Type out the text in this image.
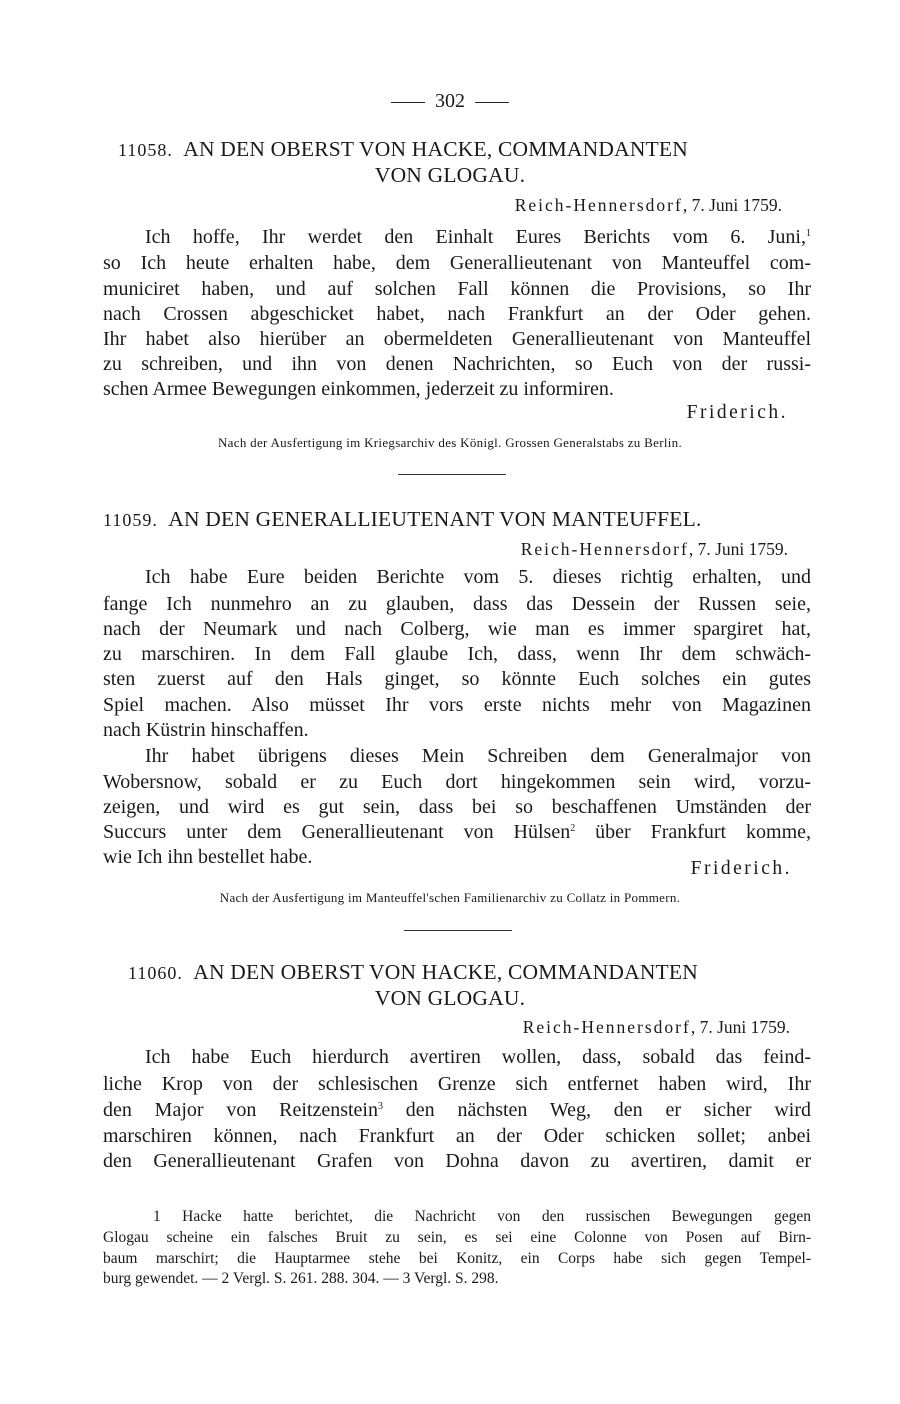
302
11058. AN DEN OBERST VON HACKE, COMMANDANTEN
VON GLOGAU.
Reich-Hennersdorf, 7. Juni 1759.
Ich hoffe, Ihr werdet den Einhalt Eures Berichts vom 6. Juni,$^1$
so Ich heute erhalten habe, dem Generallieutenant von Manteuffel com-
municiret haben, und auf solchen Fall können die Provisions, so Ihr
nach Crossen abgeschicket habet, nach Frankfurt an der Oder gehen.
Ihr habet also hierüber an obermeldeten Generallieutenant von Manteuffel
zu schreiben, und ihn von denen Nachrichten, so Euch von der russi-
schen Armee Bewegungen einkommen, jederzeit zu informiren.
Friderich.
Nach der Ausfertigung im Kriegsarchiv des Königl. Grossen Generalstabs zu Berlin.
11059. AN DEN GENERALLIEUTENANT VON MANTEUFFEL.
Reich-Hennersdorf, 7. Juni 1759.
Ich habe Eure beiden Berichte vom 5. dieses richtig erhalten, und
fange Ich nunmehro an zu glauben, dass das Dessein der Russen seie,
nach der Neumark und nach Colberg, wie man es immer spargiret hat,
zu marschiren. In dem Fall glaube Ich, dass, wenn Ihr dem schwäch-
sten zuerst auf den Hals ginget, so könnte Euch solches ein gutes
Spiel machen. Also müsset Ihr vors erste nichts mehr von Magazinen
nach Küstrin hinschaffen.
Ihr habet übrigens dieses Mein Schreiben dem Generalmajor von
Wobersnow, sobald er zu Euch dort hingekommen sein wird, vorzu-
zeigen, und wird es gut sein, dass bei so beschaffenen Umständen der
Succurs unter dem Generallieutenant von Hülsen$^2$ über Frankfurt komme,
wie Ich ihn bestellet habe.
Friderich.
Nach der Ausfertigung im Manteuffel'schen Familienarchiv zu Collatz in Pommern.
11060. AN DEN OBERST VON HACKE, COMMANDANTEN
VON GLOGAU.
Reich-Hennersdorf, 7. Juni 1759.
Ich habe Euch hierdurch avertiren wollen, dass, sobald das feind-
liche Krop von der schlesischen Grenze sich entfernet haben wird, Ihr
den Major von Reitzenstein$^3$ den nächsten Weg, den er sicher wird
marschiren können, nach Frankfurt an der Oder schicken sollet; anbei
den Generallieutenant Grafen von Dohna davon zu avertiren, damit er
1 Hacke hatte berichtet, die Nachricht von den russischen Bewegungen gegen
Glogau scheine ein falsches Bruit zu sein, es sei eine Colonne von Posen auf Birn-
baum marschirt; die Hauptarmee stehe bei Konitz, ein Corps habe sich gegen Tempel-
burg gewendet. — 2 Vergl. S. 261. 288. 304. — 3 Vergl. S. 298.
